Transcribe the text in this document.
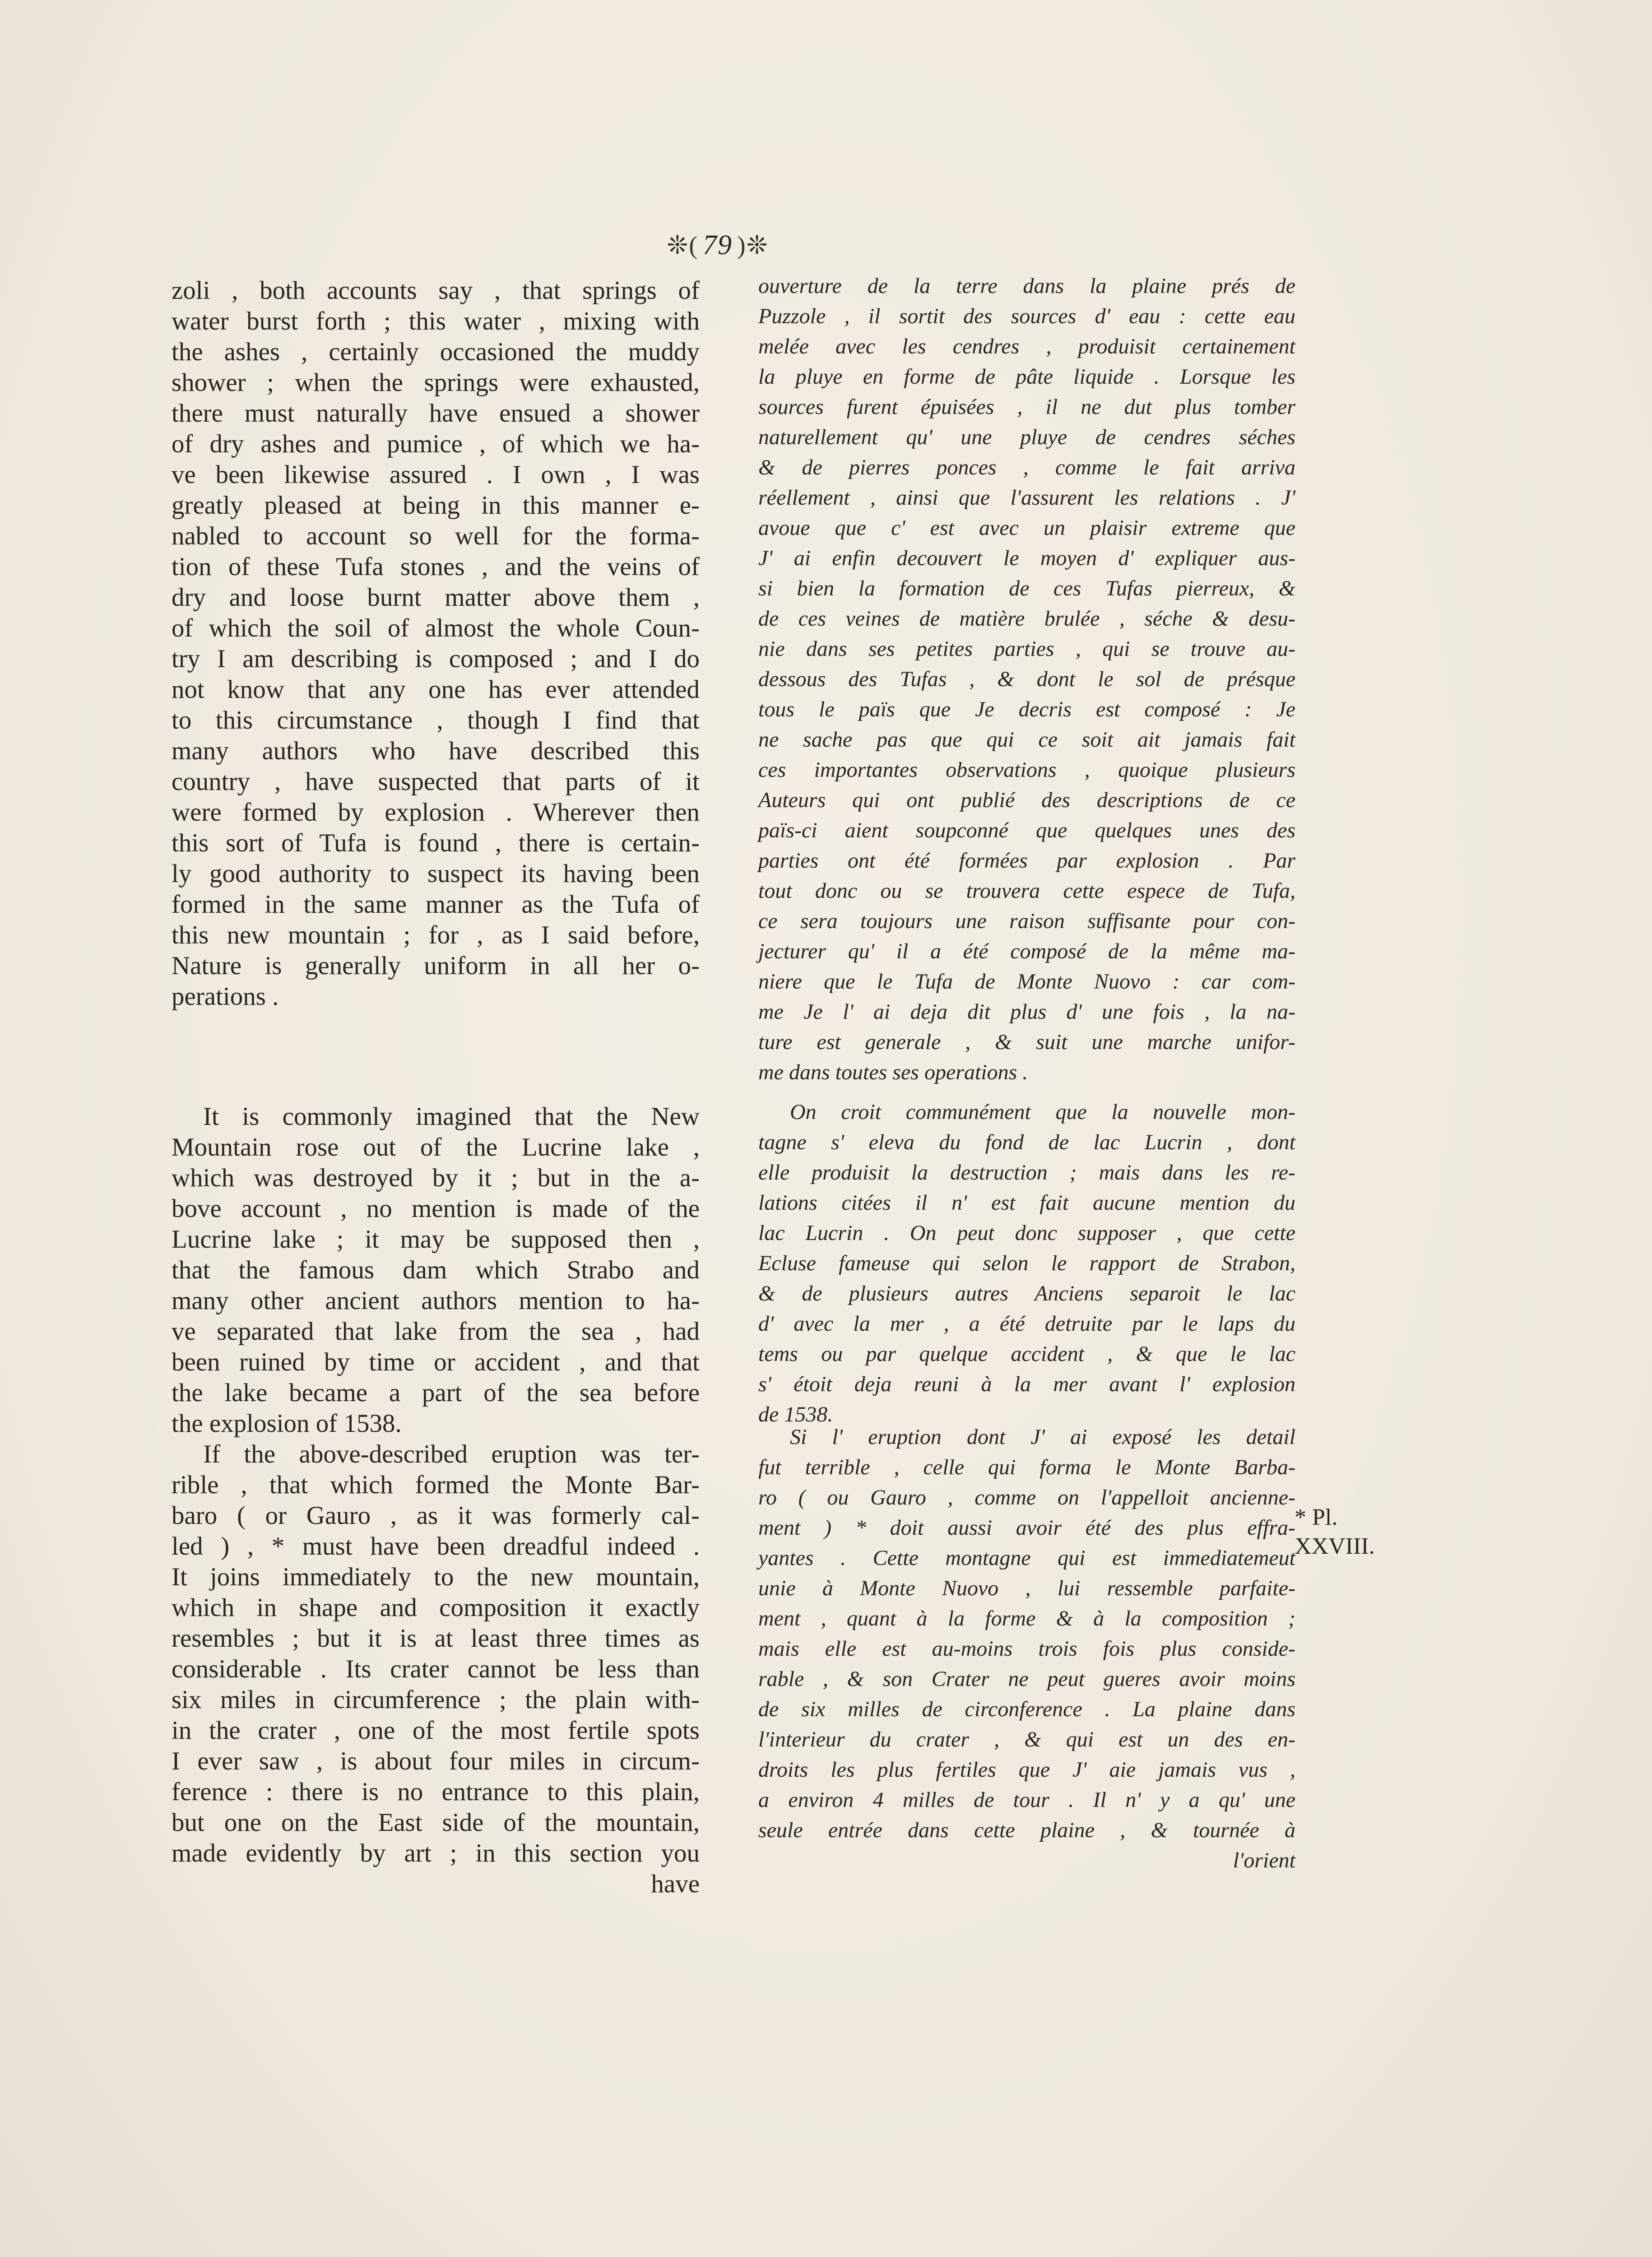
❊( 79 )❊
zoli , both accounts say , that springs of
water burst forth ; this water , mixing with
the ashes , certainly occasioned the muddy
shower ; when the springs were exhausted,
there must naturally have ensued a shower
of dry ashes and pumice , of which we ha-
ve been likewise assured . I own , I was
greatly pleased at being in this manner e-
nabled to account so well for the forma-
tion of these Tufa stones , and the veins of
dry and loose burnt matter above them ,
of which the soil of almost the whole Coun-
try I am describing is composed ; and I do
not know that any one has ever attended
to this circumstance , though I find that
many authors who have described this
country , have suspected that parts of it
were formed by explosion . Wherever then
this sort of Tufa is found , there is certain-
ly good authority to suspect its having been
formed in the same manner as the Tufa of
this new mountain ; for , as I said before,
Nature is generally uniform in all her o-
perations .
It is commonly imagined that the New
Mountain rose out of the Lucrine lake ,
which was destroyed by it ; but in the a-
bove account , no mention is made of the
Lucrine lake ; it may be supposed then ,
that the famous dam which Strabo and
many other ancient authors mention to ha-
ve separated that lake from the sea , had
been ruined by time or accident , and that
the lake became a part of the sea before
the explosion of 1538.
If the above-described eruption was ter-
rible , that which formed the Monte Bar-
baro ( or Gauro , as it was formerly cal-
led ) , * must have been dreadful indeed .
It joins immediately to the new mountain,
which in shape and composition it exactly
resembles ; but it is at least three times as
considerable . Its crater cannot be less than
six miles in circumference ; the plain with-
in the crater , one of the most fertile spots
I ever saw , is about four miles in circum-
ference : there is no entrance to this plain,
but one on the East side of the mountain,
made evidently by art ; in this section you
have
ouverture de la terre dans la plaine prés de
Puzzole , il sortit des sources d' eau : cette eau
melée avec les cendres , produisit certainement
la pluye en forme de pâte liquide . Lorsque les
sources furent épuisées , il ne dut plus tomber
naturellement qu' une pluye de cendres séches
& de pierres ponces , comme le fait arriva
réellement , ainsi que l'assurent les relations . J'
avoue que c' est avec un plaisir extreme que
J' ai enfin decouvert le moyen d' expliquer aus-
si bien la formation de ces Tufas pierreux, &
de ces veines de matière brulée , séche & desu-
nie dans ses petites parties , qui se trouve au-
dessous des Tufas , & dont le sol de présque
tous le païs que Je decris est composé : Je
ne sache pas que qui ce soit ait jamais fait
ces importantes observations , quoique plusieurs
Auteurs qui ont publié des descriptions de ce
païs-ci aient soupconné que quelques unes des
parties ont été formées par explosion . Par
tout donc ou se trouvera cette espece de Tufa,
ce sera toujours une raison suffisante pour con-
jecturer qu' il a été composé de la même ma-
niere que le Tufa de Monte Nuovo : car com-
me Je l' ai deja dit plus d' une fois , la na-
ture est generale , & suit une marche unifor-
me dans toutes ses operations .
On croit communément que la nouvelle mon-
tagne s' eleva du fond de lac Lucrin , dont
elle produisit la destruction ; mais dans les re-
lations citées il n' est fait aucune mention du
lac Lucrin . On peut donc supposer , que cette
Ecluse fameuse qui selon le rapport de Strabon,
& de plusieurs autres Anciens separoit le lac
d' avec la mer , a été detruite par le laps du
tems ou par quelque accident , & que le lac
s' étoit deja reuni à la mer avant l' explosion
de 1538.
Si l' eruption dont J' ai exposé les detail
fut terrible , celle qui forma le Monte Barba-
ro ( ou Gauro , comme on l'appelloit ancienne-
ment ) * doit aussi avoir été des plus effra-
yantes . Cette montagne qui est immediatemeut
unie à Monte Nuovo , lui ressemble parfaite-
ment , quant à la forme & à la composition ;
mais elle est au-moins trois fois plus conside-
rable , & son Crater ne peut gueres avoir moins
de six milles de circonference . La plaine dans
l'interieur du crater , & qui est un des en-
droits les plus fertiles que J' aie jamais vus ,
a environ 4 milles de tour . Il n' y a qu' une
seule entrée dans cette plaine , & tournée à
l'orient
* Pl.
XXVIII.
